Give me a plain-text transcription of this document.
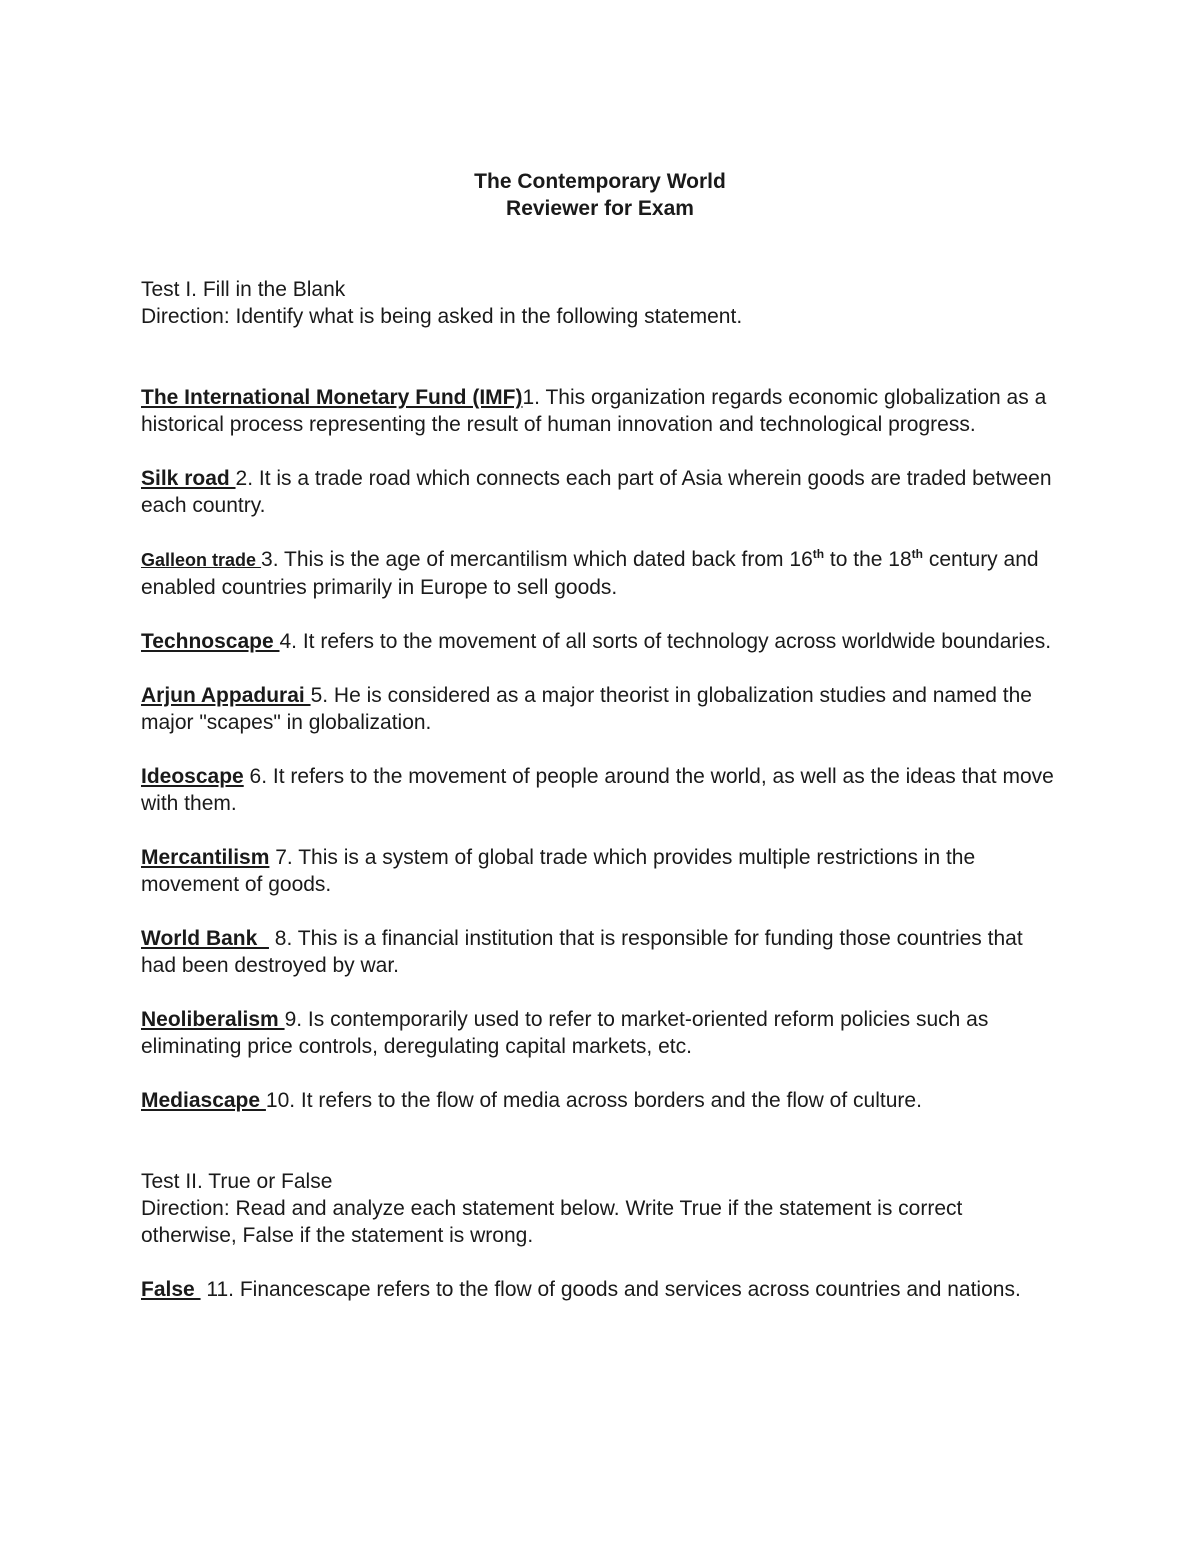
The Contemporary World
Reviewer for Exam

Test I. Fill in the Blank

Direction: Identify what is being asked in the following statement.

The International Monetary Fund (IMF)1. This organization regards economic globalization as a historical process representing the result of human innovation and technological progress.

Silk road 2. It is a trade road which connects each part of Asia wherein goods are traded between each country.

Galleon trade 3. This is the age of mercantilism which dated back from 16th to the 18th century and enabled countries primarily in Europe to sell goods.

Technoscape 4. It refers to the movement of all sorts of technology across worldwide boundaries.

Arjun Appadurai 5. He is considered as a major theorist in globalization studies and named the major "scapes" in globalization.

Ideoscape 6. It refers to the movement of people around the world, as well as the ideas that move with them.

Mercantilism 7. This is a system of global trade which provides multiple restrictions in the movement of goods.

World Bank   8. This is a financial institution that is responsible for funding those countries that had been destroyed by war.

Neoliberalism 9. Is contemporarily used to refer to market-oriented reform policies such as eliminating price controls, deregulating capital markets, etc.

Mediascape 10. It refers to the flow of media across borders and the flow of culture.

Test II. True or False

Direction: Read and analyze each statement below. Write True if the statement is correct otherwise, False if the statement is wrong.

False  11. Financescape refers to the flow of goods and services across countries and nations.
